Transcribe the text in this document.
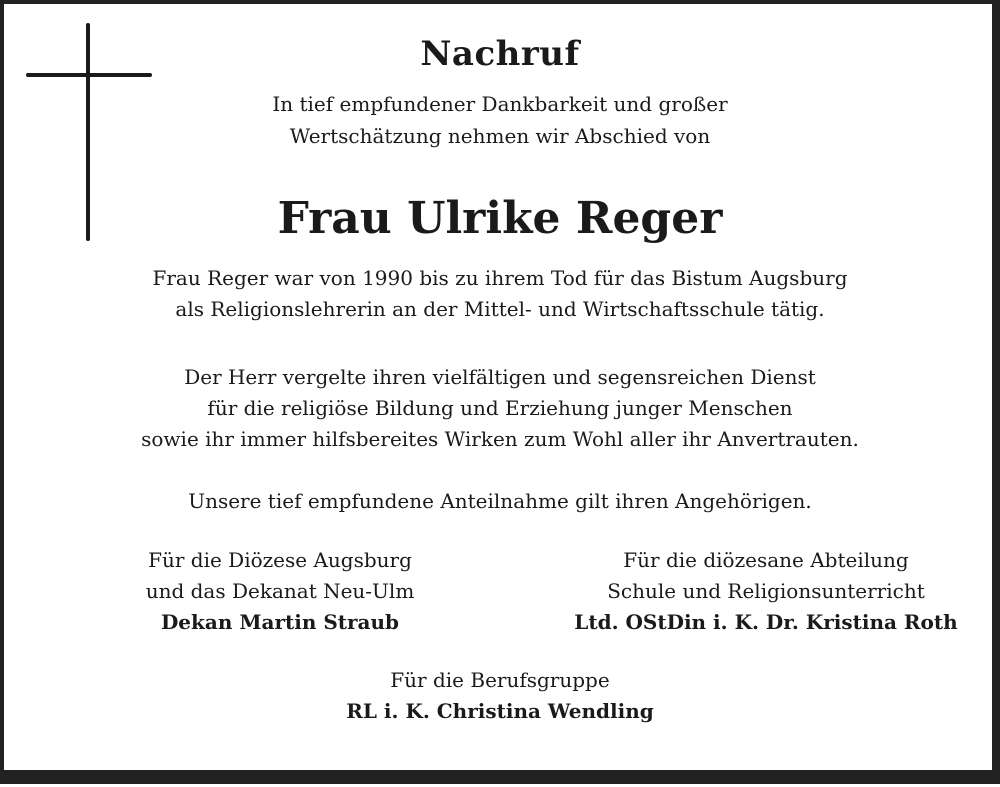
Nachruf
In tief empfundener Dankbarkeit und großer
Wertschätzung nehmen wir Abschied von
Frau Ulrike Reger
Frau Reger war von 1990 bis zu ihrem Tod für das Bistum Augsburg
als Religionslehrerin an der Mittel- und Wirtschaftsschule tätig.
Der Herr vergelte ihren vielfältigen und segensreichen Dienst
für die religiöse Bildung und Erziehung junger Menschen
sowie ihr immer hilfsbereites Wirken zum Wohl aller ihr Anvertrauten.
Unsere tief empfundene Anteilnahme gilt ihren Angehörigen.
Für die Diözese Augsburg
und das Dekanat Neu-Ulm
Dekan Martin Straub
Für die diözesane Abteilung
Schule und Religionsunterricht
Ltd. OStDin i. K. Dr. Kristina Roth
Für die Berufsgruppe
RL i. K. Christina Wendling
